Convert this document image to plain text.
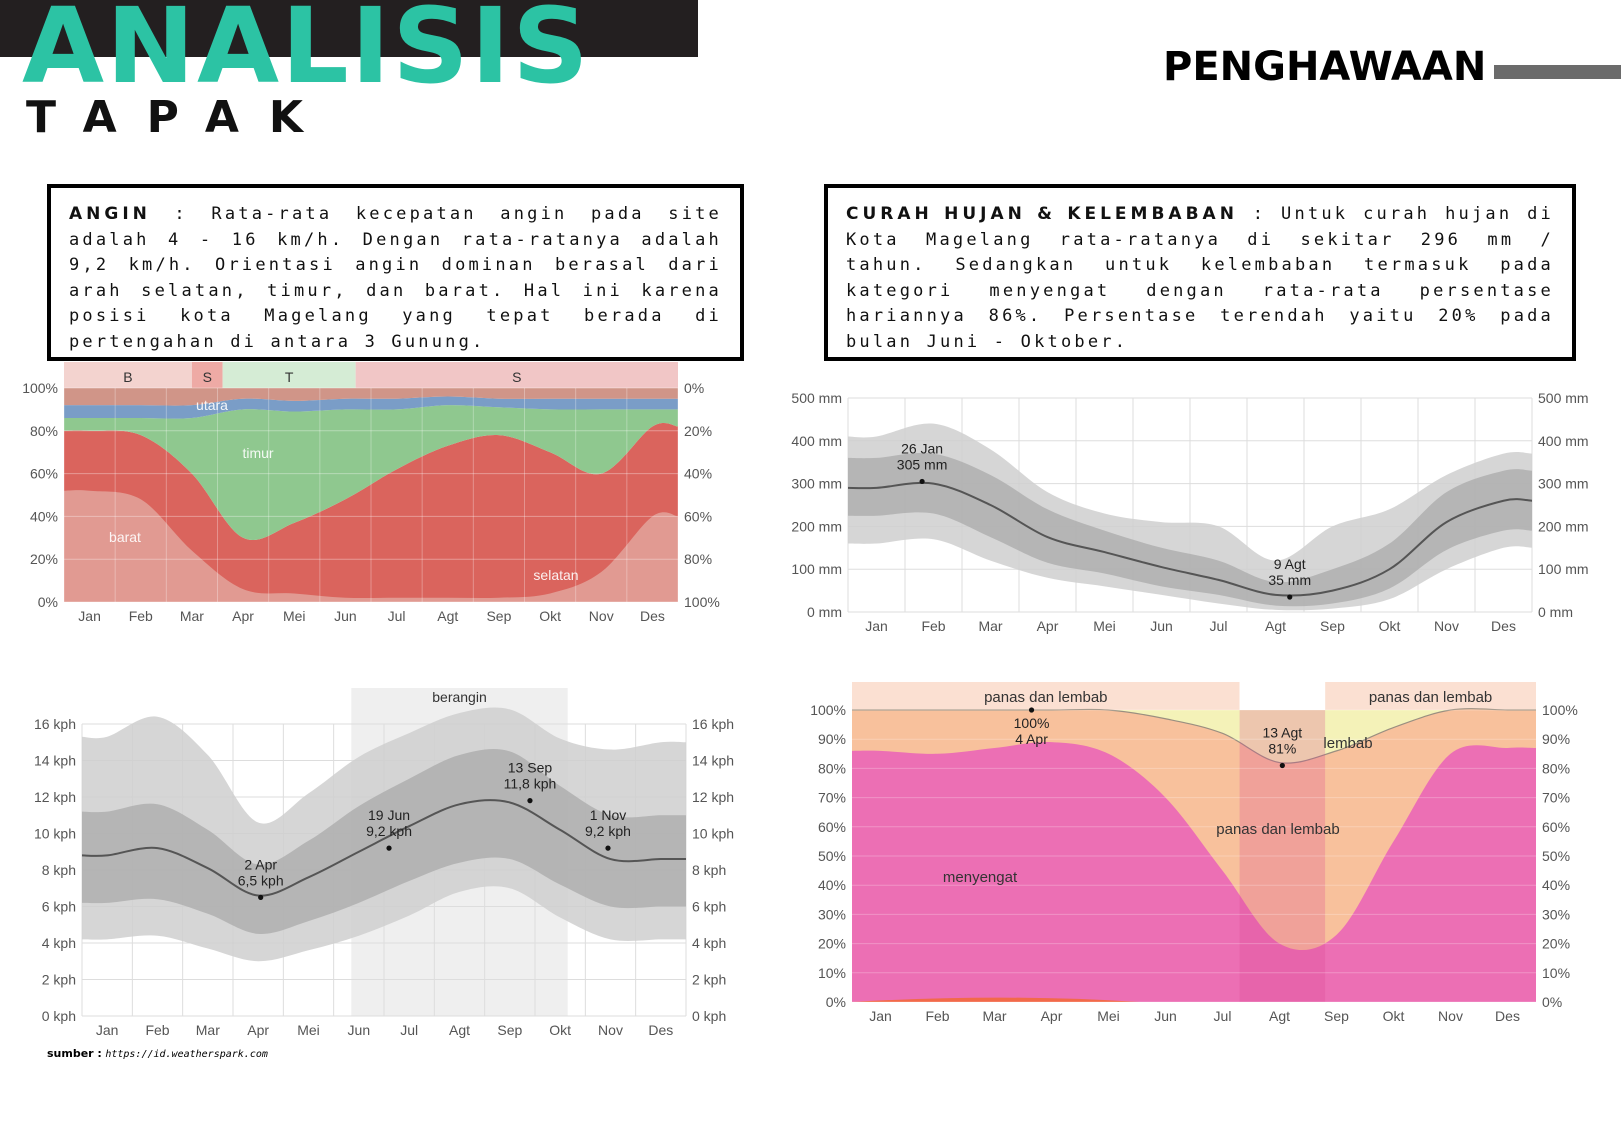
ANALISIS
TAPAK
PENGHAWAAN
ANGIN : Rata-rata kecepatan angin pada site adalah 4 - 16 km/h. Dengan rata-ratanya adalah 9,2 km/h. Orientasi angin dominan berasal dari arah selatan, timur, dan barat. Hal ini karena posisi kota Magelang yang tepat berada di pertengahan di antara 3 Gunung.
CURAH HUJAN & KELEMBABAN : Untuk curah hujan di Kota Magelang rata-ratanya di sekitar 296 mm / tahun. Sedangkan untuk kelembaban termasuk pada kategori menyengat dengan rata-rata persentase hariannya 86%. Persentase terendah yaitu 20% pada bulan Juni - Oktober.
B	S	T	S
100%
80%
60%
40%
20%
0%
0%
20%
40%
60%
80%
100%
Jan Feb Mar Apr Mei Jun Jul Agt Sep Okt Nov Des
utara
timur
barat
selatan
500 mm	500 mm
400 mm	400 mm
300 mm	300 mm
200 mm	200 mm
100 mm	100 mm
0 mm	0 mm
Jan Feb Mar Apr Mei Jun	Jul	Agt Sep Okt Nov Des
26 Jan
305 mm
9 Agt
35 mm
berangin
16 kph	16 kph
14 kph	14 kph
12 kph	12 kph
10 kph	10 kph
8 kph	8 kph
6 kph	6 kph
4 kph	4 kph
2 kph	2 kph
0 kph	0 kph
Jan Feb Mar Apr Mei Jun Jul Agt Sep Okt Nov Des
2 Apr
6,5 kph
19 Jun
9,2 kph
13 Sep
11,8 kph
1 Nov
9,2 kph
panas dan lembab	panas dan lembab
100%	100%
90%	90%
80%	80%
70%	70%
60%	60%
50%	50%
40%	40%
30%	30%
20%	20%
10%	10%
0%	0%
Jan Feb Mar Apr Mei Jun	Jul	Agt Sep Okt Nov Des
menyengat
panas dan lembab
lembab
100%
4 Apr	13 Agt
81%
sumber : https://id.weatherspark.com
